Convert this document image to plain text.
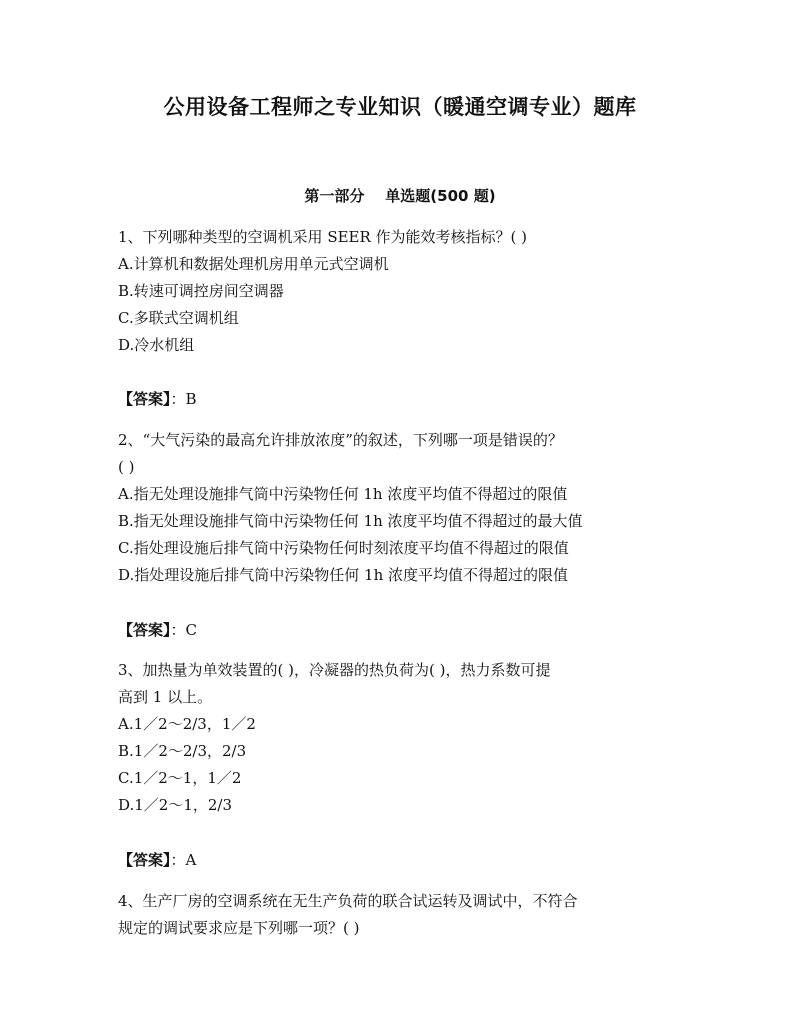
公用设备工程师之专业知识（暖通空调专业）题库
第一部分    单选题(500 题)
1、下列哪种类型的空调机采用 SEER 作为能效考核指标？( )
A.计算机和数据处理机房用单元式空调机
B.转速可调控房间空调器
C.多联式空调机组
D.冷水机组
【答案】：B
2、“大气污染的最高允许排放浓度”的叙述，下列哪一项是错误的？
( )
A.指无处理设施排气筒中污染物任何 1h 浓度平均值不得超过的限值
B.指无处理设施排气筒中污染物任何 1h 浓度平均值不得超过的最大值
C.指处理设施后排气筒中污染物任何时刻浓度平均值不得超过的限值
D.指处理设施后排气筒中污染物任何 1h 浓度平均值不得超过的限值
【答案】：C
3、加热量为单效装置的( )，冷凝器的热负荷为( )，热力系数可提
高到 1 以上。
A.1／2～2/3，1／2
B.1／2～2/3，2/3
C.1／2～1，1／2
D.1／2～1，2/3
【答案】：A
4、生产厂房的空调系统在无生产负荷的联合试运转及调试中，不符合
规定的调试要求应是下列哪一项？( )
